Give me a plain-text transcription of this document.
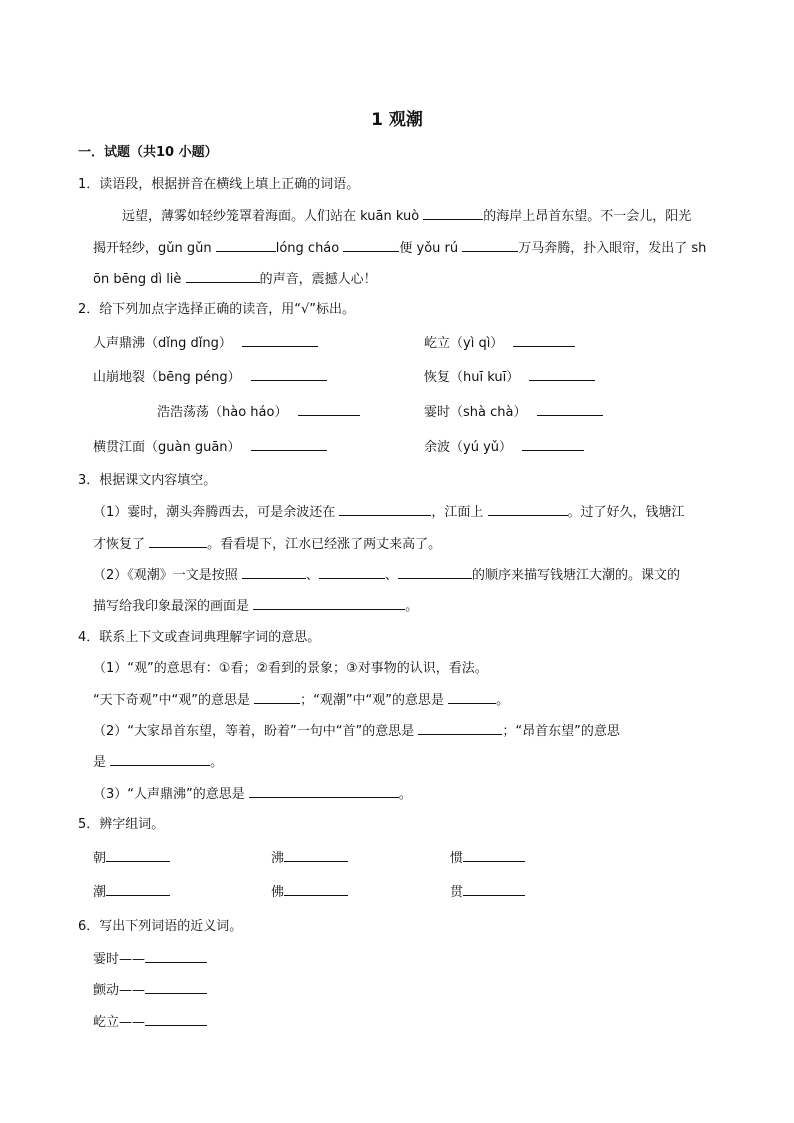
1 观潮
一．试题（共10 小题）
1．读语段，根据拼音在横线上填上正确的词语。
远望，薄雾如轻纱笼罩着海面。人们站在 kuān kuò	的海岸上昂首东望。不一会儿，阳光
揭开轻纱，gǔn gǔn	lóng cháo	便 yǒu rú	万马奔腾，扑入眼帘，发出了 sh
ōn bēng dì liè	的声音，震撼人心！
2．给下列加点字选择正确的读音，用“√”标出。
人声鼎沸（dǐng dǐng）	屹立（yì qì）
山崩地裂（bēng péng）	恢复（huī kuī）
浩浩荡荡（hào háo）	霎时（shà chà）
横贯江面（guàn guān）	余波（yú yǔ）
3．根据课文内容填空。
（1）霎时，潮头奔腾西去，可是余波还在	，江面上	。过了好久，钱塘江
才恢复了	。看看堤下，江水已经涨了两丈来高了。
（2）《观潮》一文是按照	、	、	的顺序来描写钱塘江大潮的。课文的
描写给我印象最深的画面是	。
4．联系上下文或查词典理解字词的意思。
（1）“观”的意思有：①看；②看到的景象；③对事物的认识，看法。
“天下奇观”中“观”的意思是	；“观潮”中“观”的意思是	。
（2）“大家昂首东望，等着，盼着”一句中“首”的意思是	；“昂首东望”的意思
是	。
（3）“人声鼎沸”的意思是	。
5．辨字组词。
朝	沸	惯
潮	佛	贯
6．写出下列词语的近义词。
霎时——
颤动——
屹立——
